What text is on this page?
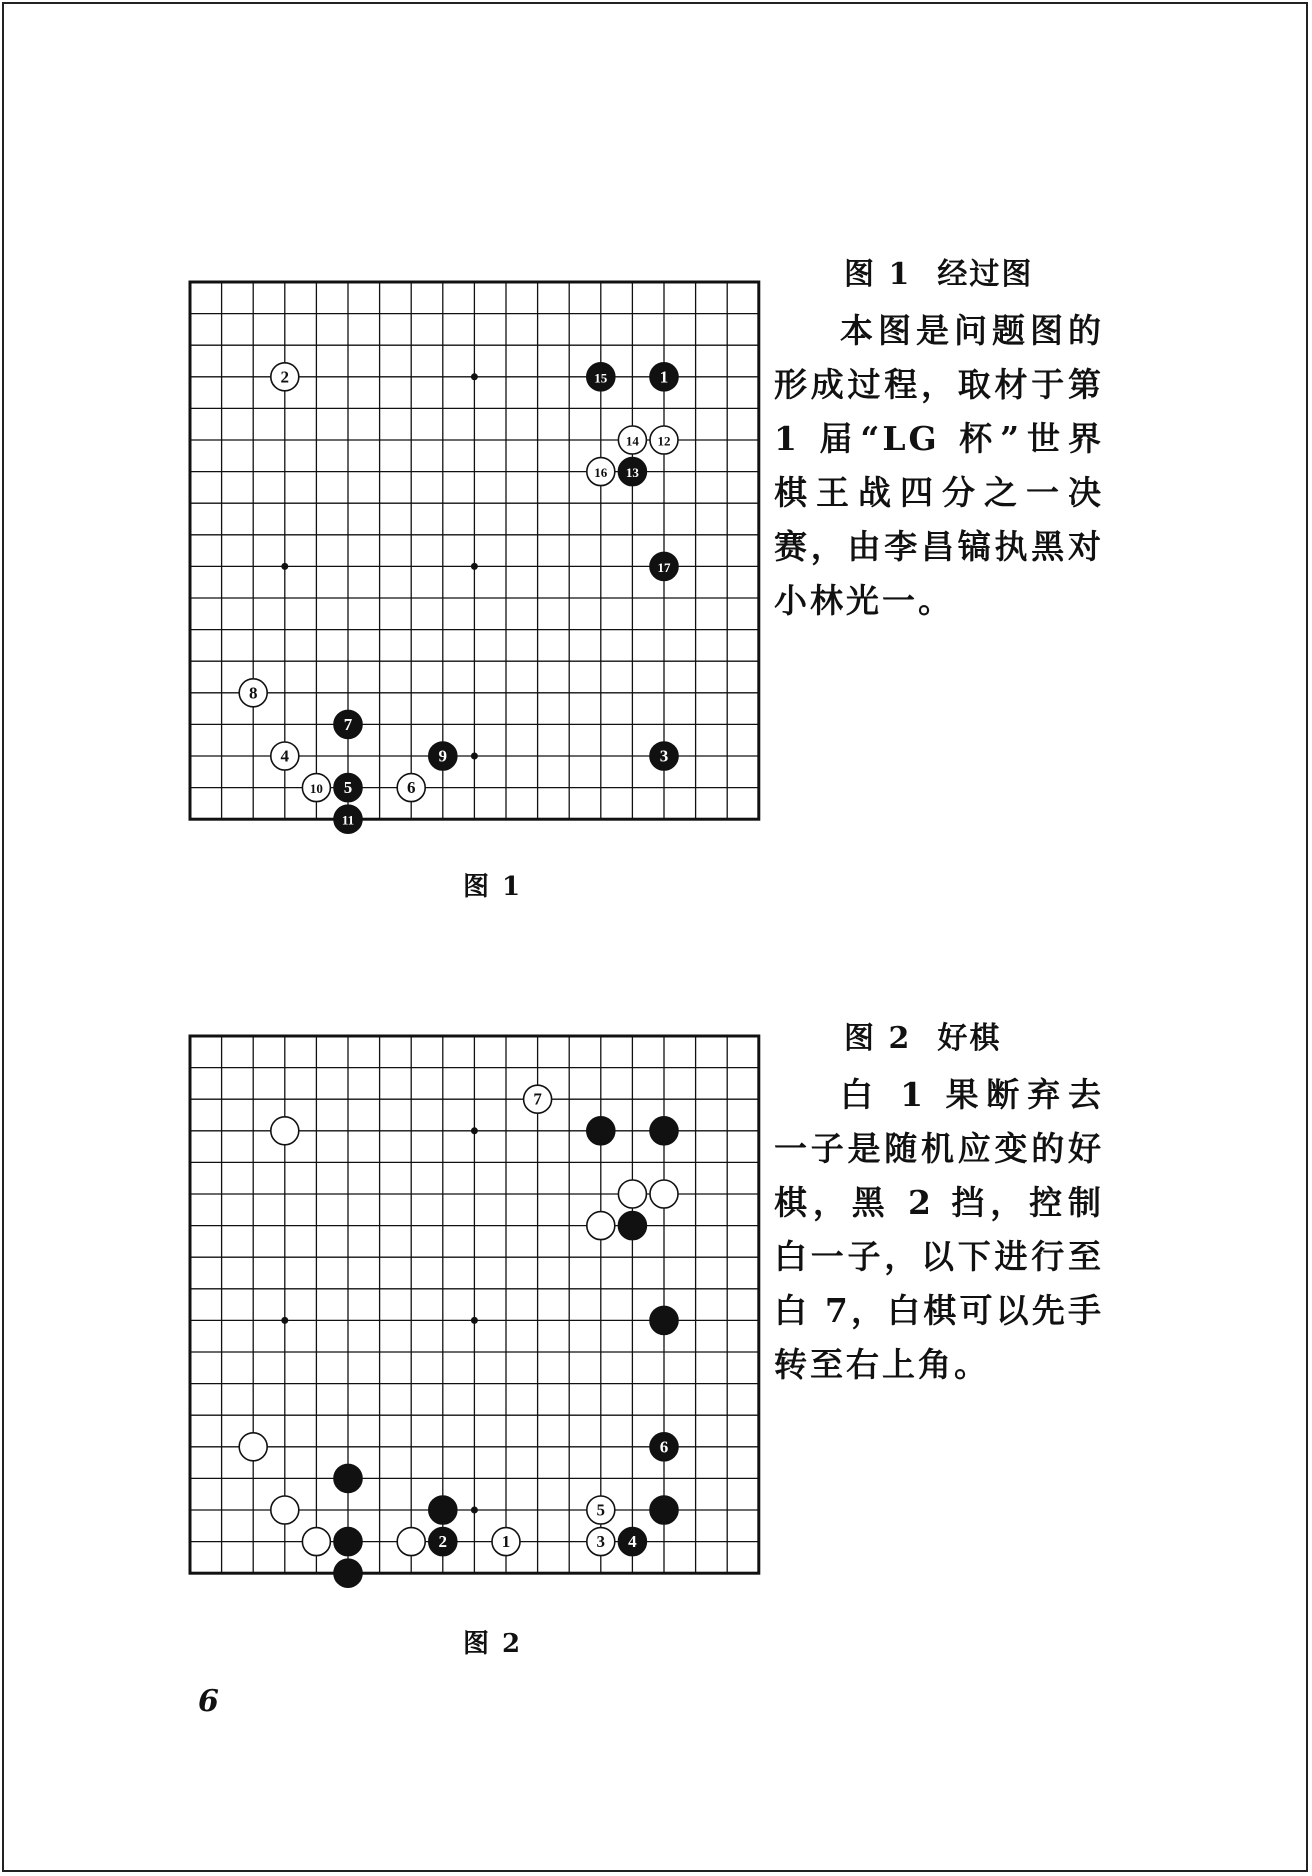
1
2
3
4
5	6
7
8
9
10
11
12
13
14
15
16
17
图 1
图 1 经过图
本图是问题图的形成过程，取材于第 1 届“LG 杯”世界棋王战四分之一决赛，由李昌镐执黑对小林光一。
1
2	3 4
5
6
7
图 2
图 2 好棋
白 1 果断弃去一子是随机应变的好棋，黑 2 挡，控制白一子，以下进行至白 7，白棋可以先手转至右上角。
6
